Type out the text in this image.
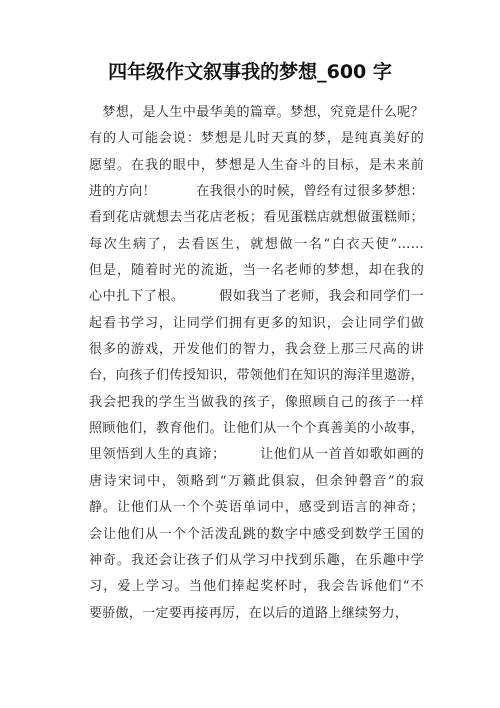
四年级作文叙事我的梦想_600 字
　梦想，是人生中最华美的篇章。梦想，究竟是什么呢？
有的人可能会说：梦想是儿时天真的梦，是纯真美好的
愿望。在我的眼中，梦想是人生奋斗的目标，是未来前
进的方向！　　　在我很小的时候，曾经有过很多梦想：
看到花店就想去当花店老板；看见蛋糕店就想做蛋糕师；
每次生病了，去看医生，就想做一名“白衣天使”……
但是，随着时光的流逝，当一名老师的梦想，却在我的
心中扎下了根。　　　假如我当了老师，我会和同学们一
起看书学习，让同学们拥有更多的知识，会让同学们做
很多的游戏，开发他们的智力，我会登上那三尺高的讲
台，向孩子们传授知识，带领他们在知识的海洋里遨游，
我会把我的学生当做我的孩子，像照顾自己的孩子一样
照顾他们，教育他们。让他们从一个个真善美的小故事，
里领悟到人生的真谛；　　　让他们从一首首如歌如画的
唐诗宋词中，领略到“万籁此俱寂，但余钟磬音”的寂
静。让他们从一个个英语单词中，感受到语言的神奇；
会让他们从一个个活泼乱跳的数字中感受到数学王国的
神奇。我还会让孩子们从学习中找到乐趣，在乐趣中学
习，爱上学习。当他们捧起奖杯时，我会告诉他们“不
要骄傲，一定要再接再厉，在以后的道路上继续努力，
